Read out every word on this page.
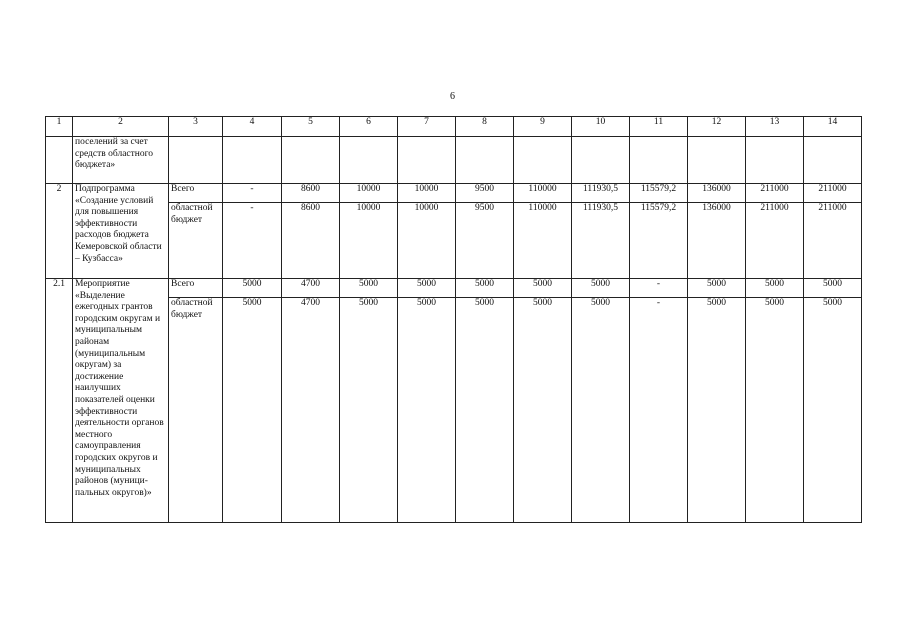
6
1	2	3	4	5	6	7	8	9	10	11	12	13	14
	поселений за счет средств областного бюджета»												
2	Подпрограмма «Создание условий для повышения эффективности расходов бюджета Кемеровской области – Кузбасса»	Всего	-	8600	10000	10000	9500	110000	111930,5	115579,2	136000	211000	211000
		областной бюджет	-	8600	10000	10000	9500	110000	111930,5	115579,2	136000	211000	211000
2.1	Мероприятие «Выделение ежегодных грантов городским округам и муниципальным районам (муниципальным округам) за достижение наилучших показателей оценки эффективности деятельности органов местного самоуправления городских округов и муниципальных районов (муници-пальных округов)»	Всего	5000	4700	5000	5000	5000	5000	5000	-	5000	5000	5000
		областной бюджет	5000	4700	5000	5000	5000	5000	5000	-	5000	5000	5000
